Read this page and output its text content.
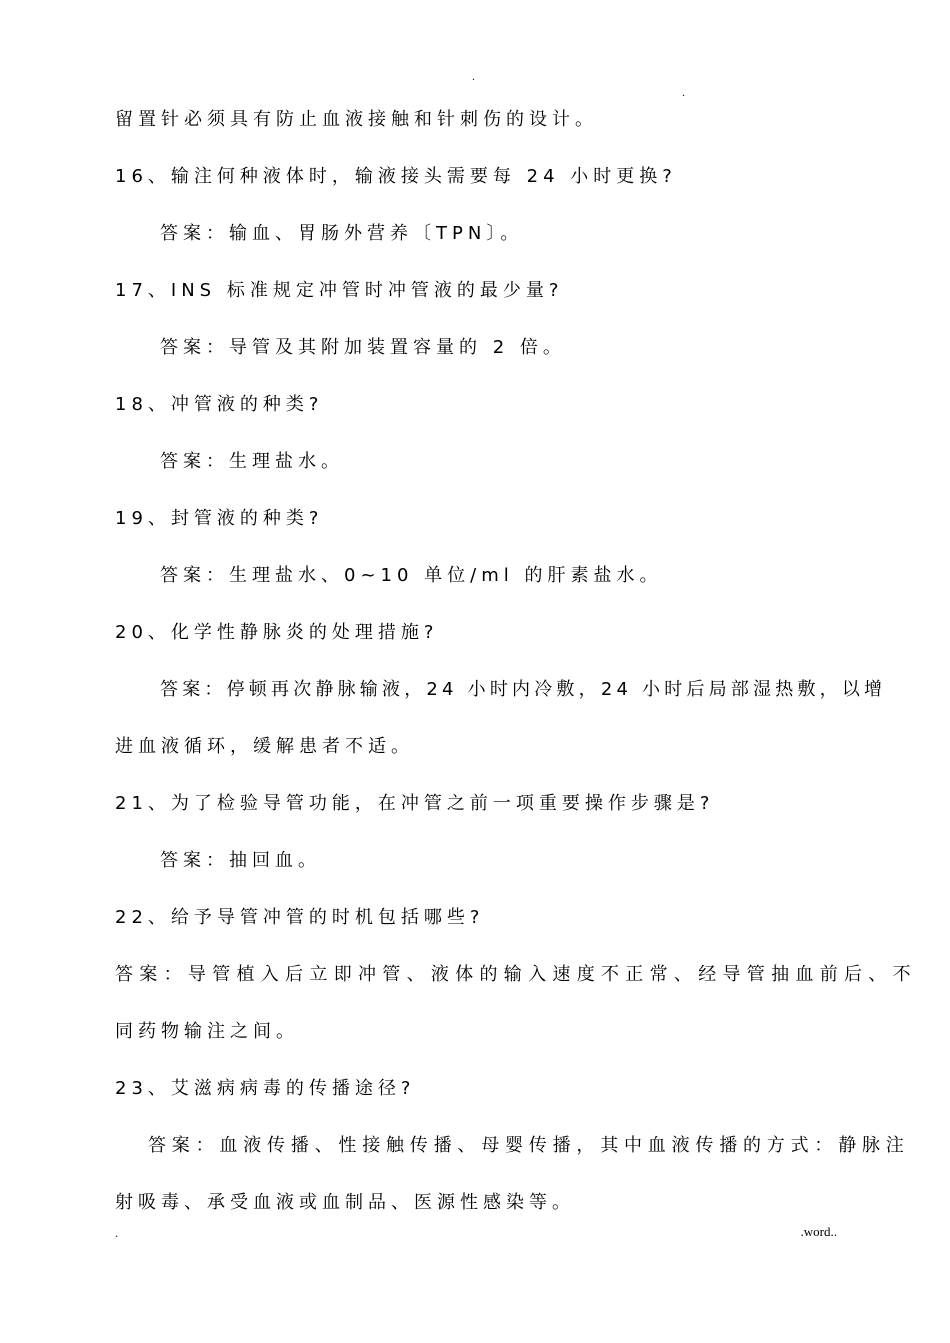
.
.

留置针必须具有防止血液接触和针刺伤的设计。

16、输注何种液体时，输液接头需要每 24 小时更换?

答案：输血、胃肠外营养〔TPN〕。

17、INS 标准规定冲管时冲管液的最少量?

答案：导管及其附加装置容量的 2 倍。

18、冲管液的种类?

答案：生理盐水。

19、封管液的种类?

答案：生理盐水、0~10 单位/ml 的肝素盐水。

20、化学性静脉炎的处理措施?

答案：停顿再次静脉输液，24 小时内冷敷，24 小时后局部湿热敷，以增

进血液循环，缓解患者不适。

21、为了检验导管功能，在冲管之前一项重要操作步骤是?

答案：抽回血。

22、给予导管冲管的时机包括哪些?

答案：导管植入后立即冲管、液体的输入速度不正常、经导管抽血前后、不

同药物输注之间。

23、艾滋病病毒的传播途径?

答案：血液传播、性接触传播、母婴传播，其中血液传播的方式：静脉注

射吸毒、承受血液或血制品、医源性感染等。

.	.word..
